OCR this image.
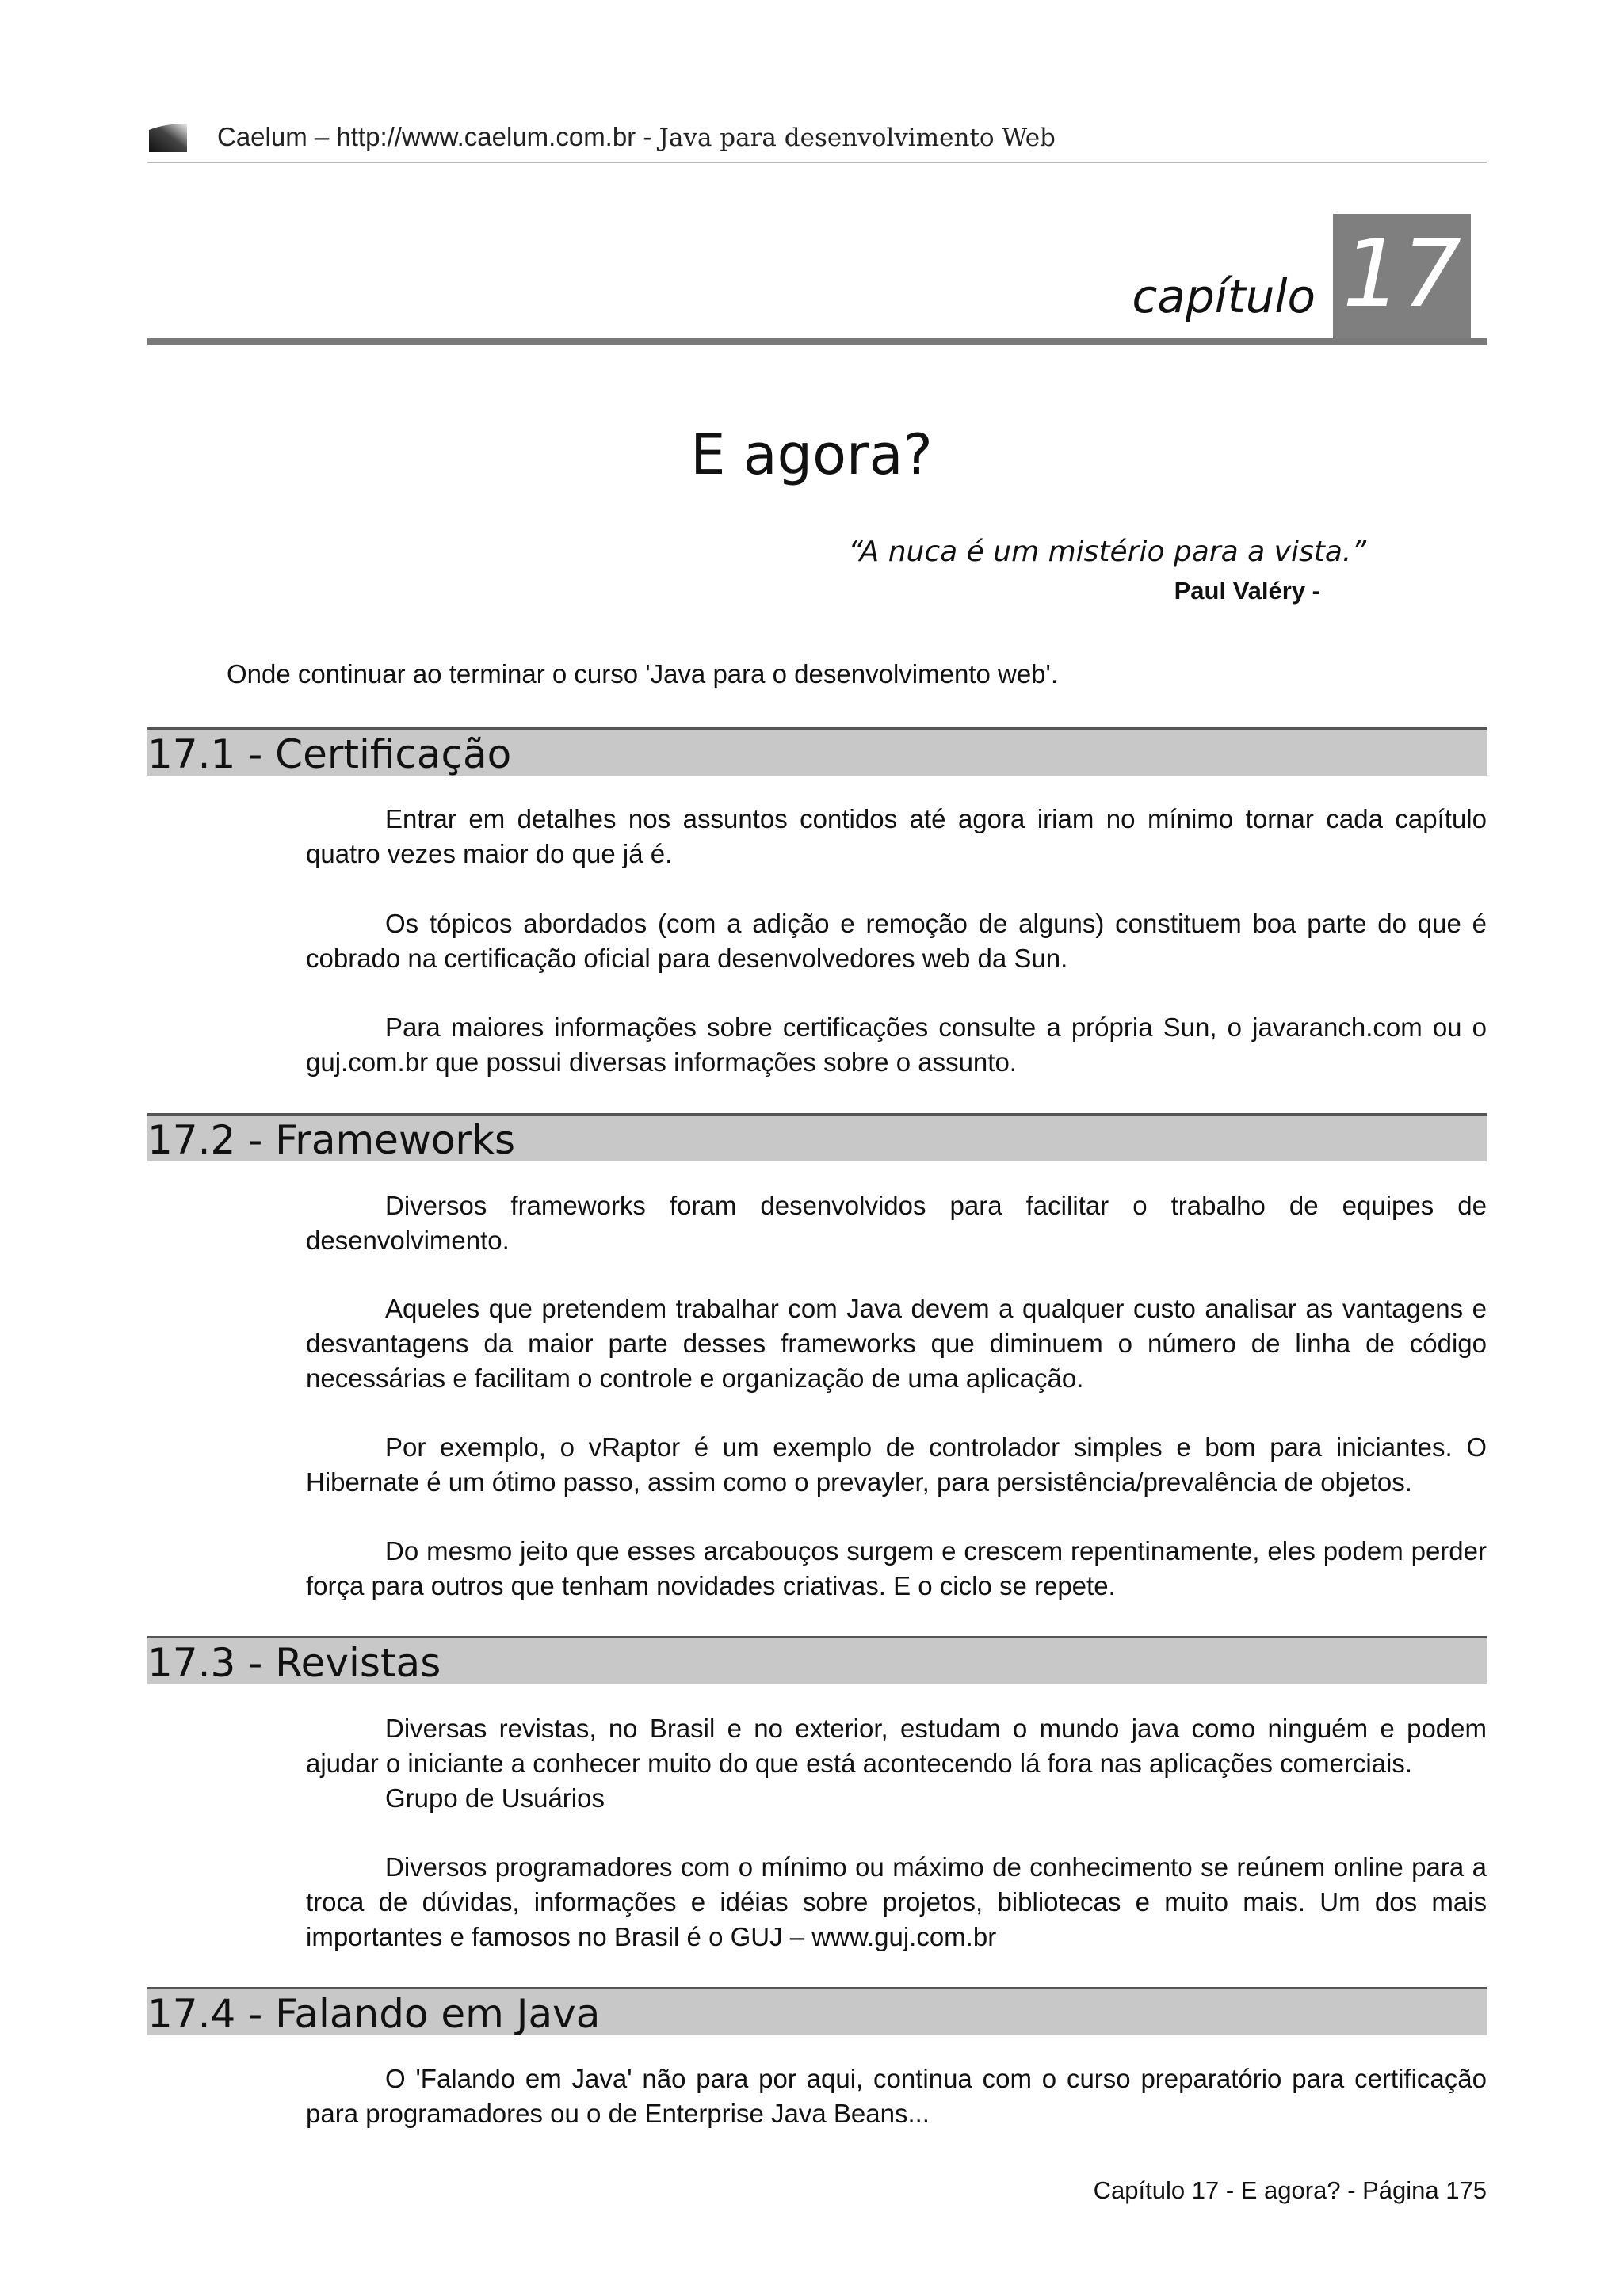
Caelum – http://www.caelum.com.br - Java para desenvolvimento Web
capítulo 17
E agora?
“A nuca é um mistério para a vista.”
Paul Valéry -
Onde continuar ao terminar o curso 'Java para o desenvolvimento web'.
17.1 - Certificação
Entrar em detalhes nos assuntos contidos até agora iriam no mínimo tornar cada capítulo quatro vezes maior do que já é.
Os tópicos abordados (com a adição e remoção de alguns) constituem boa parte do que é cobrado na certificação oficial para desenvolvedores web da Sun.
Para maiores informações sobre certificações consulte a própria Sun, o javaranch.com ou o guj.com.br que possui diversas informações sobre o assunto.
17.2 - Frameworks
Diversos frameworks foram desenvolvidos para facilitar o trabalho de equipes de desenvolvimento.
Aqueles que pretendem trabalhar com Java devem a qualquer custo analisar as vantagens e desvantagens da maior parte desses frameworks que diminuem o número de linha de código necessárias e facilitam o controle e organização de uma aplicação.
Por exemplo, o vRaptor é um exemplo de controlador simples e bom para iniciantes. O Hibernate é um ótimo passo, assim como o prevayler, para persistência/prevalência de objetos.
Do mesmo jeito que esses arcabouços surgem e crescem repentinamente, eles podem perder força para outros que tenham novidades criativas. E o ciclo se repete.
17.3 - Revistas
Diversas revistas, no Brasil e no exterior, estudam o mundo java como ninguém e podem ajudar o iniciante a conhecer muito do que está acontecendo lá fora nas aplicações comerciais.
Grupo de Usuários
Diversos programadores com o mínimo ou máximo de conhecimento se reúnem online para a troca de dúvidas, informações e idéias sobre projetos, bibliotecas e muito mais. Um dos mais importantes e famosos no Brasil é o GUJ – www.guj.com.br
17.4 - Falando em Java
O 'Falando em Java' não para por aqui, continua com o curso preparatório para certificação para programadores ou o de Enterprise Java Beans...
Capítulo 17 - E agora? - Página 175
